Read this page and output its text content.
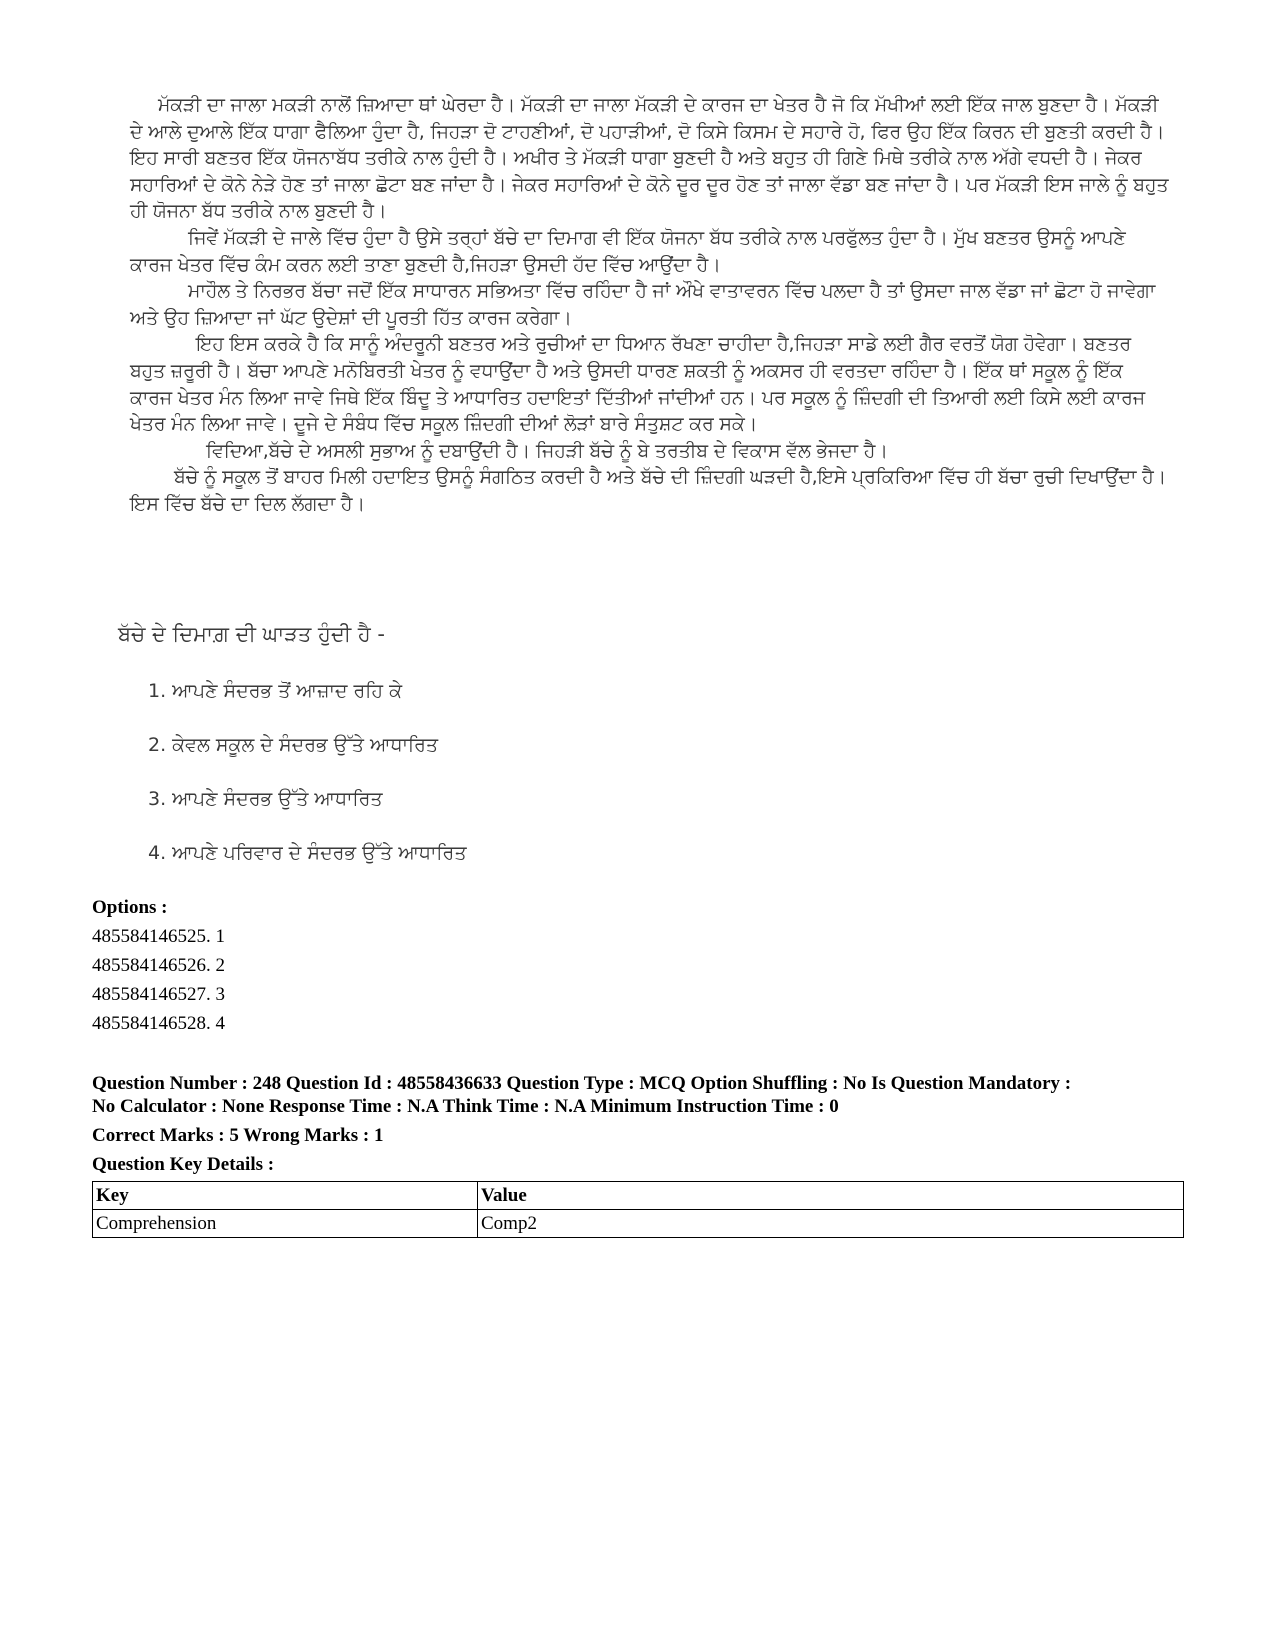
ਮੱਕੜੀ ਦਾ ਜਾਲਾ ਮਕੜੀ ਨਾਲੋਂ ਜ਼ਿਆਦਾ ਥਾਂ ਘੇਰਦਾ ਹੈ। ਮੱਕੜੀ ਦਾ ਜਾਲਾ ਮੱਕੜੀ ਦੇ ਕਾਰਜ ਦਾ ਖੇਤਰ ਹੈ ਜੋ ਕਿ ਮੱਖੀਆਂ ਲਈ ਇੱਕ ਜਾਲ ਬੁਣਦਾ ਹੈ। ਮੱਕੜੀ ਦੇ ਆਲੇ ਦੁਆਲੇ ਇੱਕ ਧਾਗਾ ਫੈਲਿਆ ਹੁੰਦਾ ਹੈ, ਜਿਹੜਾ ਦੋ ਟਾਹਣੀਆਂ, ਦੋ ਪਹਾੜੀਆਂ, ਦੋ ਕਿਸੇ ਕਿਸਮ ਦੇ ਸਹਾਰੇ ਹੋ, ਫਿਰ ਉਹ ਇੱਕ ਕਿਰਨ ਦੀ ਬੁਣਤੀ ਕਰਦੀ ਹੈ। ਇਹ ਸਾਰੀ ਬਣਤਰ ਇੱਕ ਯੋਜਨਾਬੱਧ ਤਰੀਕੇ ਨਾਲ ਹੁੰਦੀ ਹੈ। ਅਖੀਰ ਤੇ ਮੱਕੜੀ ਧਾਗਾ ਬੁਣਦੀ ਹੈ ਅਤੇ ਬਹੁਤ ਹੀ ਗਿਣੇ ਮਿਥੇ ਤਰੀਕੇ ਨਾਲ ਅੱਗੇ ਵਧਦੀ ਹੈ। ਜੇਕਰ ਸਹਾਰਿਆਂ ਦੇ ਕੋਨੇ ਨੇੜੇ ਹੋਣ ਤਾਂ ਜਾਲਾ ਛੋਟਾ ਬਣ ਜਾਂਦਾ ਹੈ। ਜੇਕਰ ਸਹਾਰਿਆਂ ਦੇ ਕੋਨੇ ਦੂਰ ਦੂਰ ਹੋਣ ਤਾਂ ਜਾਲਾ ਵੱਡਾ ਬਣ ਜਾਂਦਾ ਹੈ। ਪਰ ਮੱਕੜੀ ਇਸ ਜਾਲੇ ਨੂੰ ਬਹੁਤ ਹੀ ਯੋਜਨਾ ਬੱਧ ਤਰੀਕੇ ਨਾਲ ਬੁਣਦੀ ਹੈ।

ਜਿਵੇਂ ਮੱਕੜੀ ਦੇ ਜਾਲੇ ਵਿੱਚ ਹੁੰਦਾ ਹੈ ਉਸੇ ਤਰ੍ਹਾਂ ਬੱਚੇ ਦਾ ਦਿਮਾਗ ਵੀ ਇੱਕ ਯੋਜਨਾ ਬੱਧ ਤਰੀਕੇ ਨਾਲ ਪਰਫੁੱਲਤ ਹੁੰਦਾ ਹੈ। ਮੁੱਖ ਬਣਤਰ ਉਸਨੂੰ ਆਪਣੇ ਕਾਰਜ ਖੇਤਰ ਵਿੱਚ ਕੰਮ ਕਰਨ ਲਈ ਤਾਣਾ ਬੁਣਦੀ ਹੈ,ਜਿਹੜਾ ਉਸਦੀ ਹੱਦ ਵਿੱਚ ਆਉਂਦਾ ਹੈ।

ਮਾਹੌਲ ਤੇ ਨਿਰਭਰ ਬੱਚਾ ਜਦੋਂ ਇੱਕ ਸਾਧਾਰਨ ਸਭਿਅਤਾ ਵਿੱਚ ਰਹਿੰਦਾ ਹੈ ਜਾਂ ਔਖੇ ਵਾਤਾਵਰਨ ਵਿੱਚ ਪਲਦਾ ਹੈ ਤਾਂ ਉਸਦਾ ਜਾਲ ਵੱਡਾ ਜਾਂ ਛੋਟਾ ਹੋ ਜਾਵੇਗਾ ਅਤੇ ਉਹ ਜ਼ਿਆਦਾ ਜਾਂ ਘੱਟ ਉਦੇਸ਼ਾਂ ਦੀ ਪੂਰਤੀ ਹਿੱਤ ਕਾਰਜ ਕਰੇਗਾ।

ਇਹ ਇਸ ਕਰਕੇ ਹੈ ਕਿ ਸਾਨੂੰ ਅੰਦਰੂਨੀ ਬਣਤਰ ਅਤੇ ਰੁਚੀਆਂ ਦਾ ਧਿਆਨ ਰੱਖਣਾ ਚਾਹੀਦਾ ਹੈ,ਜਿਹੜਾ ਸਾਡੇ ਲਈ ਗੈਰ ਵਰਤੋਂ ਯੋਗ ਹੋਵੇਗਾ। ਬਣਤਰ ਬਹੁਤ ਜ਼ਰੂਰੀ ਹੈ। ਬੱਚਾ ਆਪਣੇ ਮਨੋਬਿਰਤੀ ਖੇਤਰ ਨੂੰ ਵਧਾਉਂਦਾ ਹੈ ਅਤੇ ਉਸਦੀ ਧਾਰਣ ਸ਼ਕਤੀ ਨੂੰ ਅਕਸਰ ਹੀ ਵਰਤਦਾ ਰਹਿੰਦਾ ਹੈ। ਇੱਕ ਥਾਂ ਸਕੂਲ ਨੂੰ ਇੱਕ ਕਾਰਜ ਖੇਤਰ ਮੰਨ ਲਿਆ ਜਾਵੇ ਜਿਥੇ ਇੱਕ ਬਿੰਦੂ ਤੇ ਆਧਾਰਿਤ ਹਦਾਇਤਾਂ ਦਿੱਤੀਆਂ ਜਾਂਦੀਆਂ ਹਨ। ਪਰ ਸਕੂਲ ਨੂੰ ਜ਼ਿੰਦਗੀ ਦੀ ਤਿਆਰੀ ਲਈ ਕਿਸੇ ਲਈ ਕਾਰਜ ਖੇਤਰ ਮੰਨ ਲਿਆ ਜਾਵੇ। ਦੂਜੇ ਦੇ ਸੰਬੰਧ ਵਿੱਚ ਸਕੂਲ ਜ਼ਿੰਦਗੀ ਦੀਆਂ ਲੋੜਾਂ ਬਾਰੇ ਸੰਤੁਸ਼ਟ ਕਰ ਸਕੇ।

ਵਿਦਿਆ,ਬੱਚੇ ਦੇ ਅਸਲੀ ਸੁਭਾਅ ਨੂੰ ਦਬਾਉਂਦੀ ਹੈ। ਜਿਹੜੀ ਬੱਚੇ ਨੂੰ ਬੇ ਤਰਤੀਬ ਦੇ ਵਿਕਾਸ ਵੱਲ ਭੇਜਦਾ ਹੈ।

ਬੱਚੇ ਨੂੰ ਸਕੂਲ ਤੋਂ ਬਾਹਰ ਮਿਲੀ ਹਦਾਇਤ ਉਸਨੂੰ ਸੰਗਠਿਤ ਕਰਦੀ ਹੈ ਅਤੇ ਬੱਚੇ ਦੀ ਜ਼ਿੰਦਗੀ ਘੜਦੀ ਹੈ,ਇਸੇ ਪ੍ਰਕਿਰਿਆ ਵਿੱਚ ਹੀ ਬੱਚਾ ਰੁਚੀ ਦਿਖਾਉਂਦਾ ਹੈ। ਇਸ ਵਿੱਚ ਬੱਚੇ ਦਾ ਦਿਲ ਲੱਗਦਾ ਹੈ।

ਬੱਚੇ ਦੇ ਦਿਮਾਗ਼ ਦੀ ਘਾੜਤ ਹੁੰਦੀ ਹੈ -
1. ਆਪਣੇ ਸੰਦਰਭ ਤੋਂ ਆਜ਼ਾਦ ਰਹਿ ਕੇ
2. ਕੇਵਲ ਸਕੂਲ ਦੇ ਸੰਦਰਭ ਉੱਤੇ ਆਧਾਰਿਤ
3. ਆਪਣੇ ਸੰਦਰਭ ਉੱਤੇ ਆਧਾਰਿਤ
4. ਆਪਣੇ ਪਰਿਵਾਰ ਦੇ ਸੰਦਰਭ ਉੱਤੇ ਆਧਾਰਿਤ
Options :
485584146525. 1
485584146526. 2
485584146527. 3
485584146528. 4
Question Number : 248 Question Id : 48558436633 Question Type : MCQ Option Shuffling : No Is Question Mandatory :
No Calculator : None Response Time : N.A Think Time : N.A Minimum Instruction Time : 0
Correct Marks : 5 Wrong Marks : 1
Question Key Details :
Key	Value
Comprehension	Comp2
